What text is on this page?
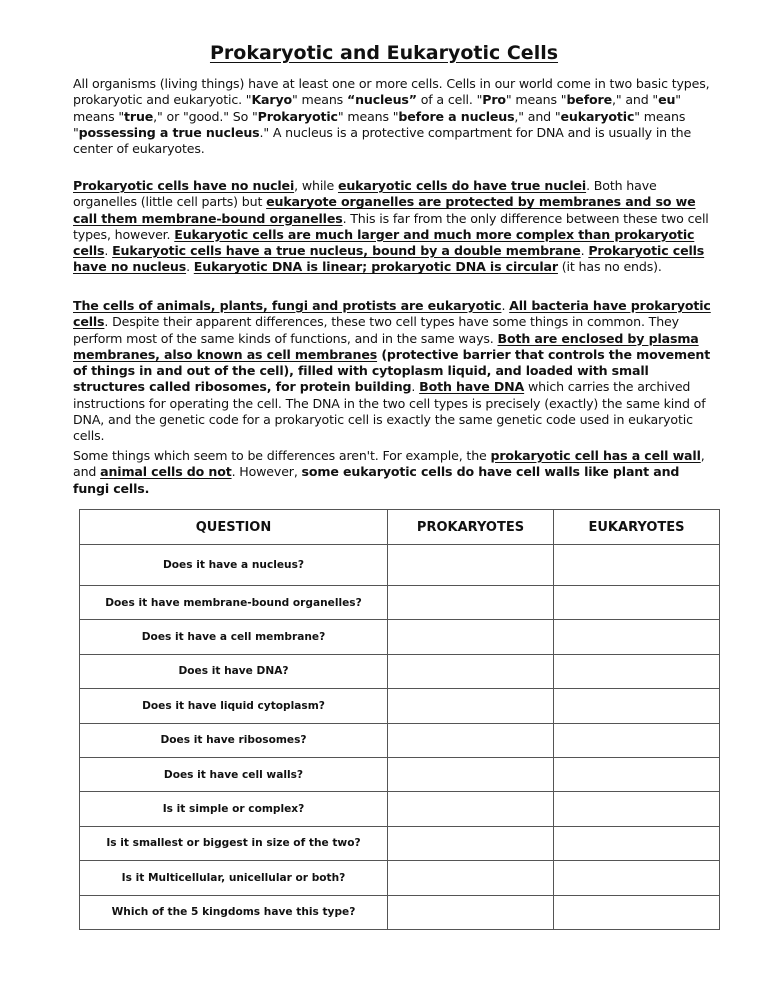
Prokaryotic and Eukaryotic Cells

All organisms (living things) have at least one or more cells. Cells in our world come in two basic types, prokaryotic and eukaryotic. "Karyo" means “nucleus” of a cell. "Pro" means "before," and "eu" means "true," or "good." So "Prokaryotic" means "before a nucleus," and "eukaryotic" means "possessing a true nucleus." A nucleus is a protective compartment for DNA and is usually in the center of eukaryotes.

Prokaryotic cells have no nuclei, while eukaryotic cells do have true nuclei. Both have organelles (little cell parts) but eukaryote organelles are protected by membranes and so we call them membrane-bound organelles. This is far from the only difference between these two cell types, however. Eukaryotic cells are much larger and much more complex than prokaryotic cells. Eukaryotic cells have a true nucleus, bound by a double membrane. Prokaryotic cells have no nucleus. Eukaryotic DNA is linear; prokaryotic DNA is circular (it has no ends).

The cells of animals, plants, fungi and protists are eukaryotic. All bacteria have prokaryotic cells. Despite their apparent differences, these two cell types have some things in common. They perform most of the same kinds of functions, and in the same ways. Both are enclosed by plasma membranes, also known as cell membranes (protective barrier that controls the movement of things in and out of the cell), filled with cytoplasm liquid, and loaded with small structures called ribosomes, for protein building. Both have DNA which carries the archived instructions for operating the cell. The DNA in the two cell types is precisely (exactly) the same kind of DNA, and the genetic code for a prokaryotic cell is exactly the same genetic code used in eukaryotic cells.

Some things which seem to be differences aren't. For example, the prokaryotic cell has a cell wall, and animal cells do not. However, some eukaryotic cells do have cell walls like plant and fungi cells.

QUESTION	PROKARYOTES	EUKARYOTES
Does it have a nucleus?		
Does it have membrane-bound organelles?		
Does it have a cell membrane?		
Does it have DNA?		
Does it have liquid cytoplasm?		
Does it have ribosomes?		
Does it have cell walls?		
Is it simple or complex?		
Is it smallest or biggest in size of the two?		
Is it Multicellular, unicellular or both?		
Which of the 5 kingdoms have this type?		
